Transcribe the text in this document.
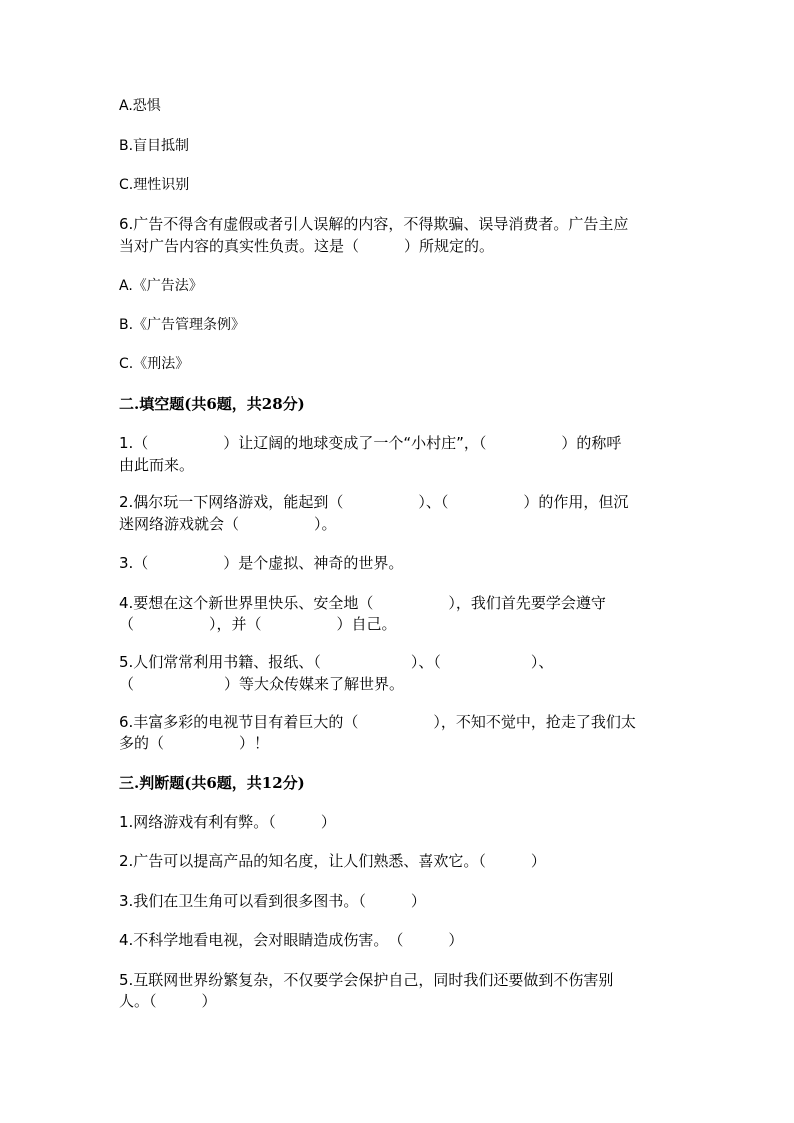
A.恐惧
B.盲目抵制
C.理性识别
6.广告不得含有虚假或者引人误解的内容，不得欺骗、误导消费者。广告主应
当对广告内容的真实性负责。这是（　　　）所规定的。
A.《广告法》
B.《广告管理条例》
C.《刑法》
二.填空题(共6题，共28分)
1.（　　　　　）让辽阔的地球变成了一个“小村庄”，（　　　　　）的称呼
由此而来。
2.偶尔玩一下网络游戏，能起到（　　　　　）、（　　　　　）的作用，但沉
迷网络游戏就会（　　　　　）。
3.（　　　　　）是个虚拟、神奇的世界。
4.要想在这个新世界里快乐、安全地（　　　　　），我们首先要学会遵守
（　　　　　），并（　　　　　）自己。
5.人们常常利用书籍、报纸、（　　　　　　）、（　　　　　　）、
（　　　　　　）等大众传媒来了解世界。
6.丰富多彩的电视节目有着巨大的（　　　　　），不知不觉中，抢走了我们太
多的（　　　　　）！
三.判断题(共6题，共12分)
1.网络游戏有利有弊。（　　　）
2.广告可以提高产品的知名度，让人们熟悉、喜欢它。（　　　）
3.我们在卫生角可以看到很多图书。（　　　）
4.不科学地看电视，会对眼睛造成伤害。　（　　　）
5.互联网世界纷繁复杂，不仅要学会保护自己，同时我们还要做到不伤害别
人。（　　　）
